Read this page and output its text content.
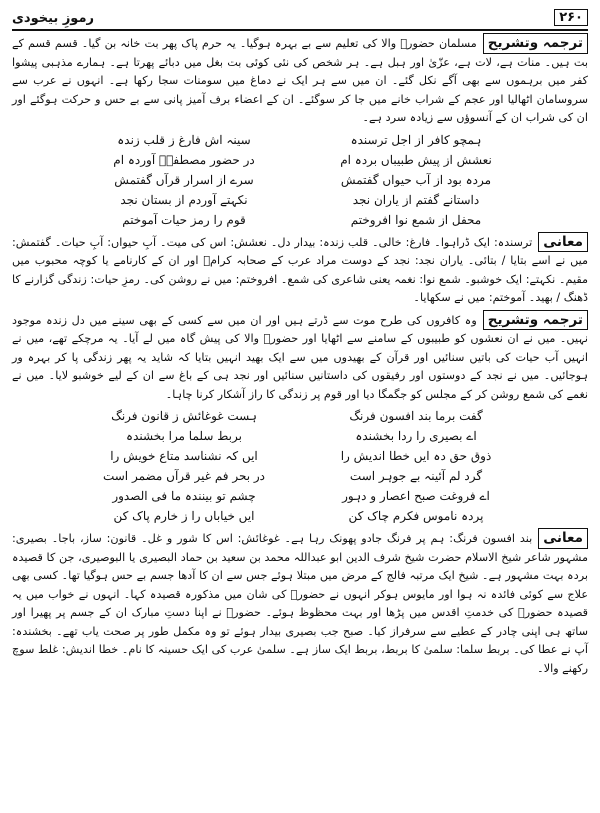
۲۶۰
رموزِ بیخودی

ترجمہ وتشریحمسلمان حضورؐ والا کی تعلیم سے بے بہرہ ہوگیا۔ یہ حرم پاک پھر بت خانہ بن گیا۔ قسم قسم کے بت ہیں۔ منات ہے، لات ہے، عزّیٰ اور ہبل ہے۔ ہر شخص کی نئی کوئی بت بغل میں دبائے پھرتا ہے۔ ہمارے مذہبی پیشوا کفر میں برہموں سے بھی آگے نکل گئے۔ ان میں سے ہر ایک نے دماغ میں سومنات سجا رکھا ہے۔ انہوں نے عرب سے سروسامان اٹھالیا اور عجم کے شراب خانے میں جا کر سوگئے۔ ان کے اعضاء برف آمیز پانی سے بے حس و حرکت ہوگئے اور ان کی شراب ان کے آنسوؤں سے زیادہ سرد ہے۔

ہمچو کافر از اجل ترسندہ
سینہ اش فارغ ز قلب زندہ
نعشش از پیش طبیباں بردہ ام
در حضور مصطفیؐ آوردہ ام
مردہ بود از آب حیواں گفتمش
سرے از اسرار قرآں گفتمش
داستانے گفتم از یاران نجد
نکہتے آوردم از بستان نجد
محفل از شمع نوا افروختم
قوم را رمز حیات آموختم

معانیترسندہ: ایک ڈراہوا۔ فارغ: خالی۔ قلب زندہ: بیدار دل۔ نعشش: اس کی میت۔ آبِ حیواں: آبِ حیات۔ گفتمش: میں نے اسے بتایا / بتائی۔ یاران نجد: نجد کے دوست مراد عرب کے صحابہ کرامؓ اور ان کے کارنامے یا کوچہ محبوب میں مقیم۔ نکہتے: ایک خوشبو۔ شمع نوا: نغمہ یعنی شاعری کی شمع۔ افروختم: میں نے روشن کی۔ رمزِ حیات: زندگی گزارنے کا ڈھنگ / بھید۔ آموختم: میں نے سکھایا۔

ترجمہ وتشریحوہ کافروں کی طرح موت سے ڈرتے ہیں اور ان میں سے کسی کے بھی سینے میں دل زندہ موجود نہیں۔ میں نے ان نعشوں کو طبیبوں کے سامنے سے اٹھایا اور حضورؐ والا کی پیش گاہ میں لے آیا۔ یہ مرچکے تھے، میں نے انہیں آب حیات کی باتیں سنائیں اور قرآن کے بھیدوں میں سے ایک بھید انہیں بتایا کہ شاید یہ پھر زندگی پا کر بہرہ ور ہوجائیں۔ میں نے نجد کے دوستوں اور رفیقوں کی داستانیں سنائیں اور نجد ہی کے باغ سے ان کے لیے خوشبو لایا۔ میں نے نغمے کی شمع روشن کر کے مجلس کو جگمگا دیا اور قوم پر زندگی کا راز آشکار کرنا چاہا۔

گفت برما بند افسون فرنگ
ہست غوغائش ز قانون فرنگ
اے بصیری را ردا بخشندہ
بربط سلما مرا بخشندہ
ذوق حق دہ ایں خطا اندیش را
ایں کہ نشناسد متاع خویش را
گرد لم آئینہ بے جوہر است
در بحر فم غیر قرآں مضمر است
اے فروغت صبح اعصار و دہور
چشم تو بینندہ ما فی الصدور
پردہ ناموس فکرم چاک کن
ایں خیاباں را ز خارم پاک کن

معانیبند افسون فرنگ: ہم پر فرنگ جادو پھونک رہا ہے۔ غوغائش: اس کا شور و غل۔ قانون: ساز، باجا۔ بصیری: مشہور شاعر شیخ الاسلام حضرت شیخ شرف الدین ابو عبداللہ محمد بن سعید بن حماد البصیری یا البوصیری، جن کا قصیدہ بردہ بہت مشہور ہے۔ شیخ ایک مرتبہ فالج کے مرض میں مبتلا ہوئے جس سے ان کا آدھا جسم بے حس ہوگیا تھا۔ کسی بھی علاج سے کوئی فائدہ نہ ہوا اور مایوس ہوکر انہوں نے حضورؐ کی شان میں مذکورہ قصیدہ کہا۔ انہوں نے خواب میں یہ قصیدہ حضورؐ کی خدمتِ اقدس میں پڑھا اور بہت محظوظ ہوئے۔ حضورؐ نے اپنا دستِ مبارک ان کے جسم پر پھیرا اور ساتھ ہی اپنی چادر کے عطیے سے سرفراز کیا۔ صبح جب بصیری بیدار ہوئے تو وہ مکمل طور پر صحت یاب تھے۔ بخشندہ: آپ نے عطا کی۔ بربط سلما: سلمیٰ کا بربط، بربط ایک ساز ہے۔ سلمیٰ عرب کی ایک حسینہ کا نام۔ خطا اندیش: غلط سوچ رکھنے والا۔
